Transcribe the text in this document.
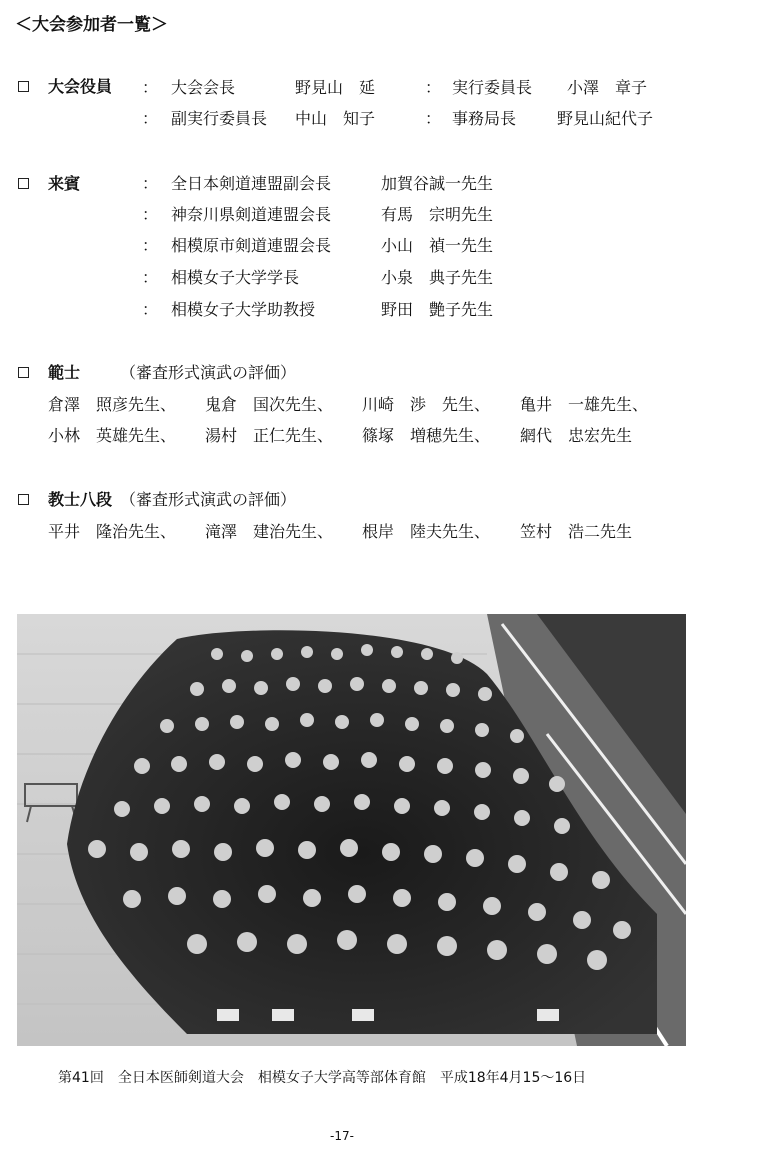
＜大会参加者一覧＞
大会役員 ： 大会会長	野見山　延	： 実行委員長 小澤　章子
： 副実行委員長 中山　知子	： 事務局長	野見山紀代子
来賓	： 全日本剣道連盟副会長	加賀谷誠一先生
： 神奈川県剣道連盟会長	有馬　宗明先生
： 相模原市剣道連盟会長	小山　禎一先生
： 相模女子大学学長	小泉　典子先生
： 相模女子大学助教授	野田　艶子先生
範士 （審査形式演武の評価）
倉澤　照彦先生、 鬼倉　国次先生、 川崎　渉　先生、 亀井　一雄先生、
小林　英雄先生、 湯村　正仁先生、 篠塚　増穂先生、 網代　忠宏先生
教士八段 （審査形式演武の評価）
平井　隆治先生、 滝澤　建治先生、 根岸　陸夫先生、 笠村　浩二先生
第41回　全日本医師剣道大会　相模女子大学高等部体育館　平成18年4月15～16日
-17-
